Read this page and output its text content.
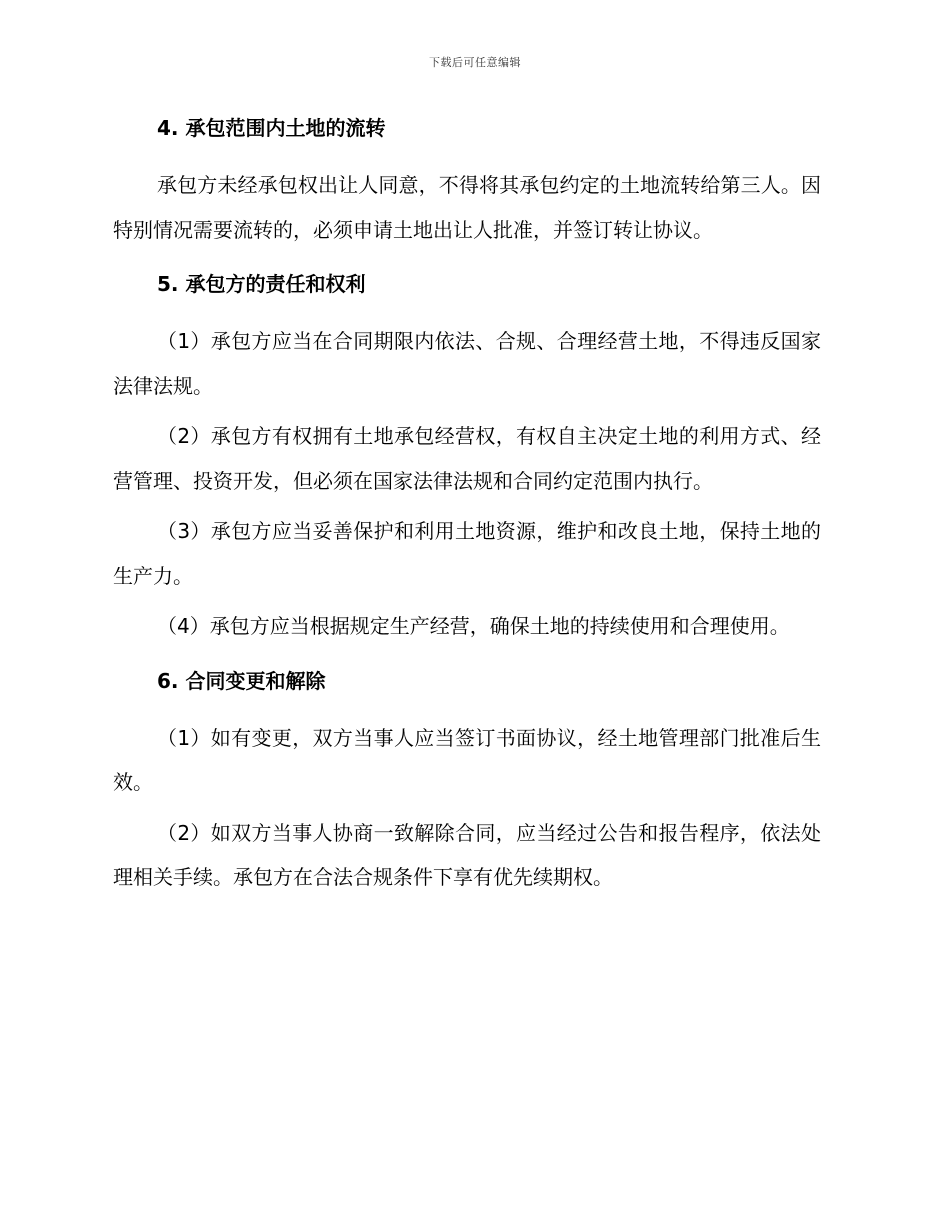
下载后可任意编辑
4. 承包范围内土地的流转

承包方未经承包权出让人同意，不得将其承包约定的土地流转给第三人。因特别情况需要流转的，必须申请土地出让人批准，并签订转让协议。

5. 承包方的责任和权利

（1）承包方应当在合同期限内依法、合规、合理经营土地，不得违反国家法律法规。

（2）承包方有权拥有土地承包经营权，有权自主决定土地的利用方式、经营管理、投资开发，但必须在国家法律法规和合同约定范围内执行。

（3）承包方应当妥善保护和利用土地资源，维护和改良土地，保持土地的生产力。

（4）承包方应当根据规定生产经营，确保土地的持续使用和合理使用。

6. 合同变更和解除

（1）如有变更，双方当事人应当签订书面协议，经土地管理部门批准后生效。

（2）如双方当事人协商一致解除合同，应当经过公告和报告程序，依法处理相关手续。承包方在合法合规条件下享有优先续期权。
